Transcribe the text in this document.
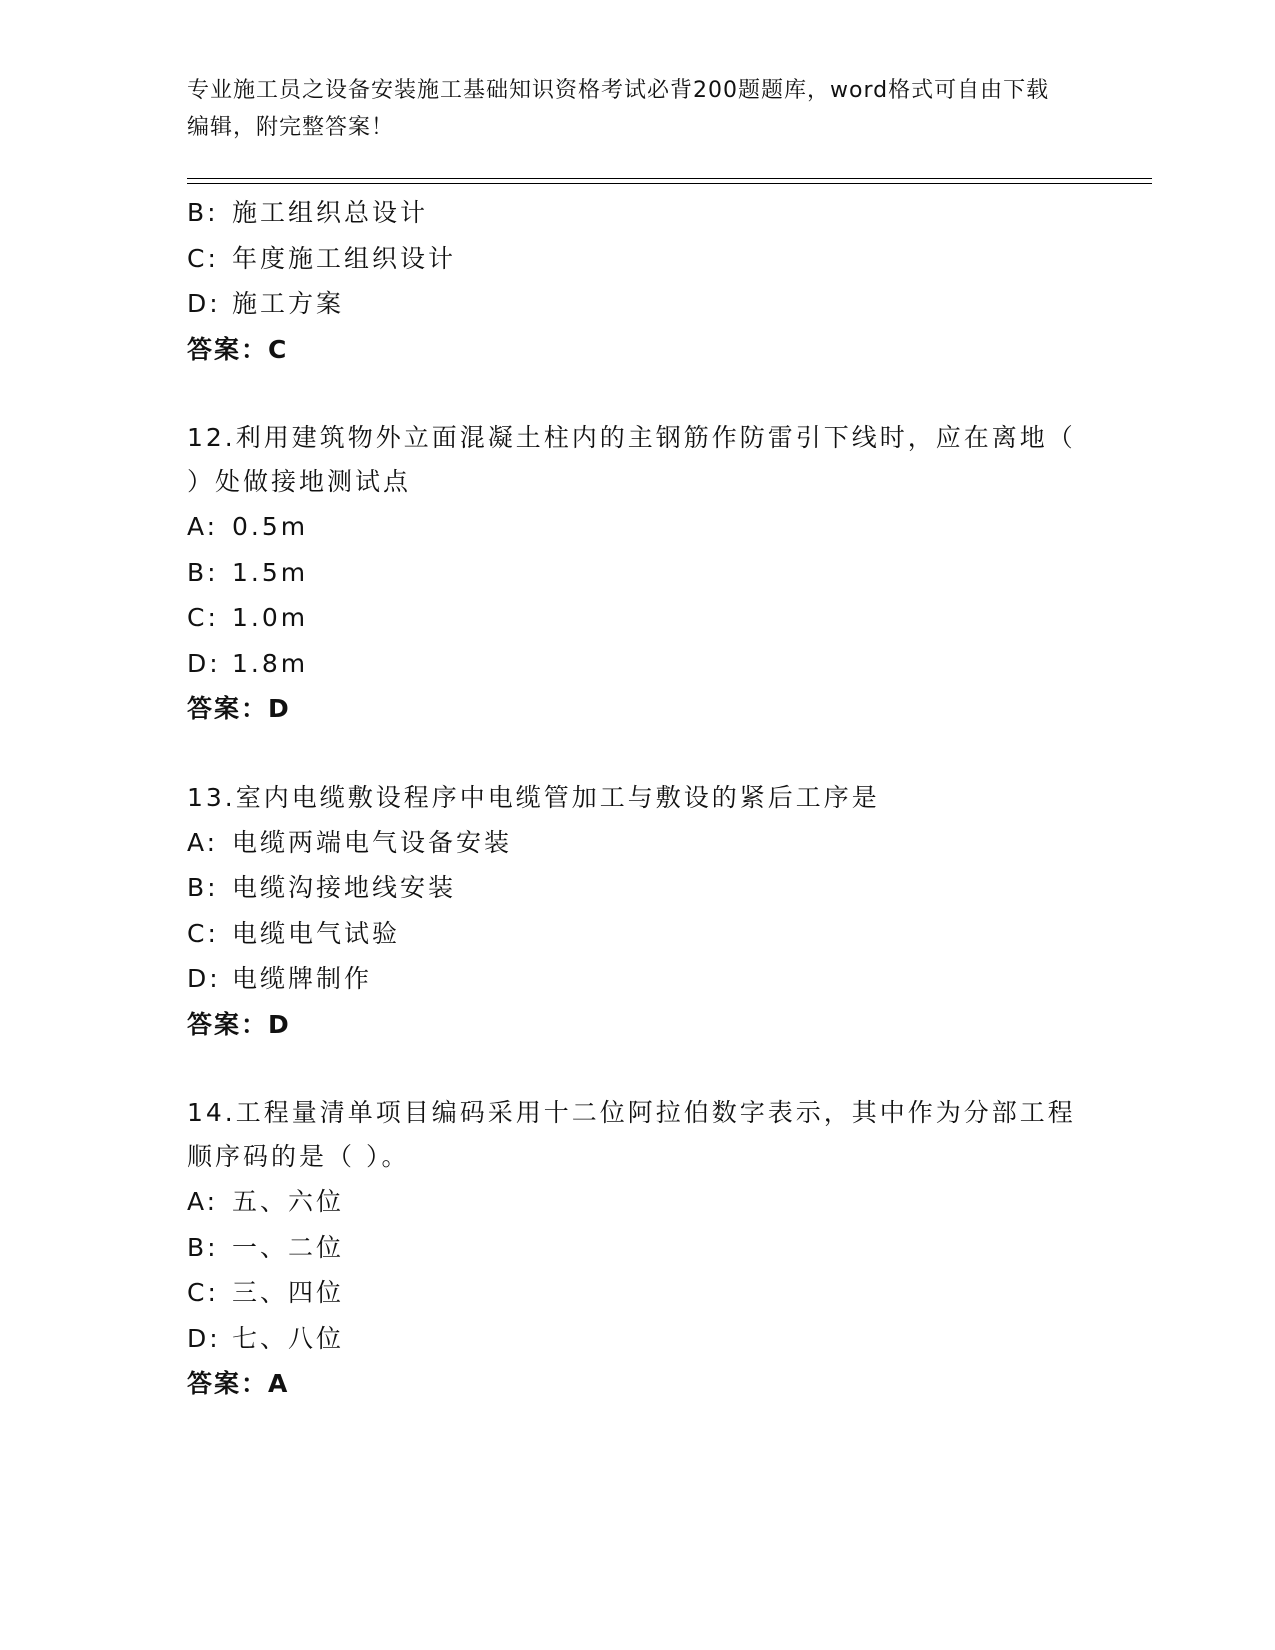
专业施工员之设备安装施工基础知识资格考试必背200题题库，word格式可自由下载编辑，附完整答案！
B: 施工组织总设计
C: 年度施工组织设计
D: 施工方案
答案：C
12.利用建筑物外立面混凝土柱内的主钢筋作防雷引下线时，应在离地（ ）处做接地测试点
A: 0.5m
B: 1.5m
C: 1.0m
D: 1.8m
答案：D
13.室内电缆敷设程序中电缆管加工与敷设的紧后工序是
A: 电缆两端电气设备安装
B: 电缆沟接地线安装
C: 电缆电气试验
D: 电缆牌制作
答案：D
14.工程量清单项目编码采用十二位阿拉伯数字表示，其中作为分部工程顺序码的是（ ）。
A: 五、六位
B: 一、二位
C: 三、四位
D: 七、八位
答案：A
